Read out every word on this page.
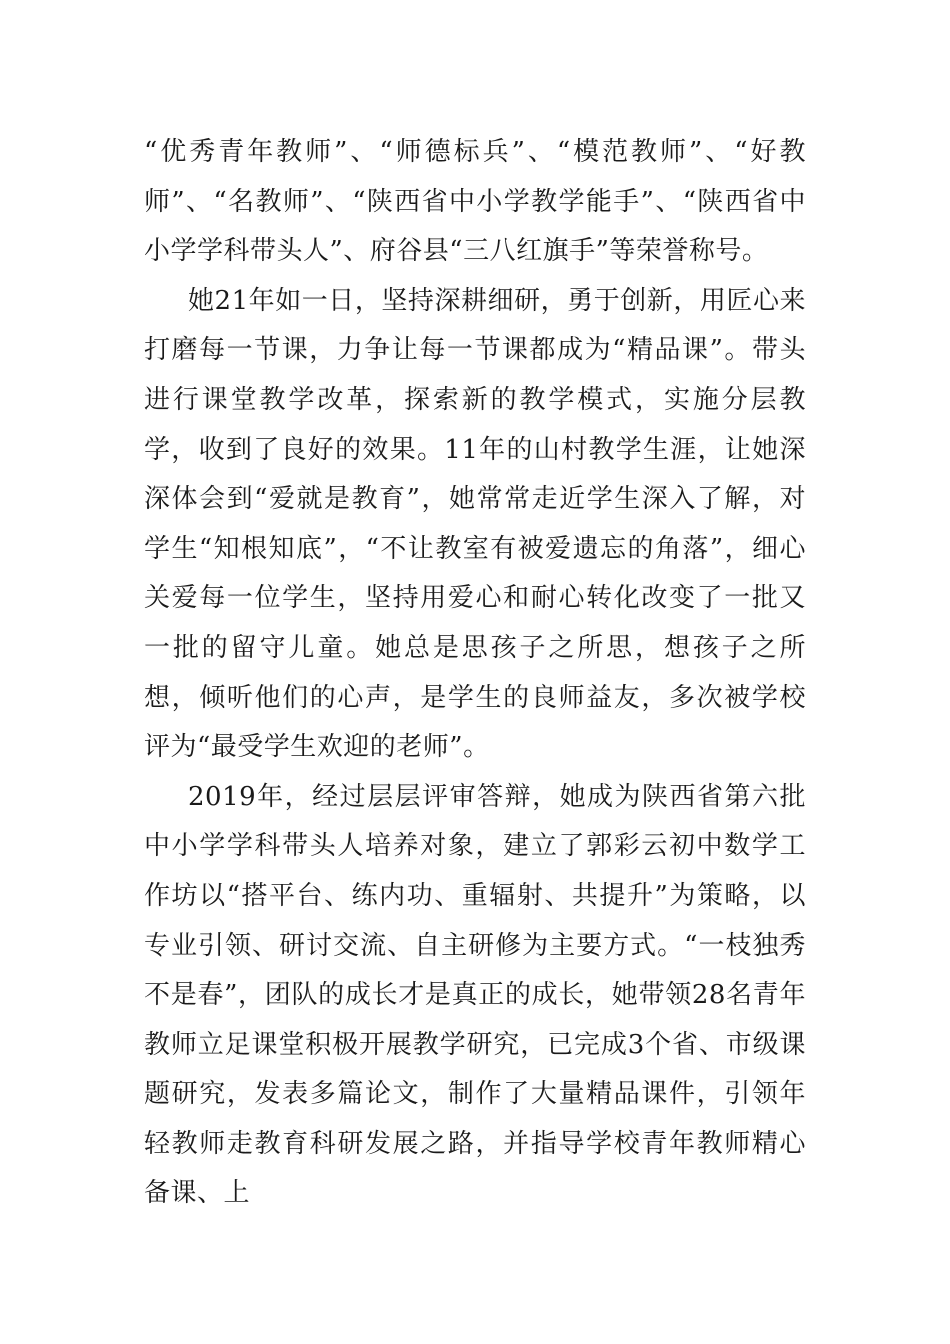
“优秀青年教师”、“师德标兵”、“模范教师”、“好教师”、“名教师”、“陕西省中小学教学能手”、“陕西省中小学学科带头人”、府谷县“三八红旗手”等荣誉称号。

她21年如一日，坚持深耕细研，勇于创新，用匠心来打磨每一节课，力争让每一节课都成为“精品课”。带头进行课堂教学改革，探索新的教学模式，实施分层教学，收到了良好的效果。11年的山村教学生涯，让她深深体会到“爱就是教育”，她常常走近学生深入了解，对学生“知根知底”，“不让教室有被爱遗忘的角落”，细心关爱每一位学生，坚持用爱心和耐心转化改变了一批又一批的留守儿童。她总是思孩子之所思，想孩子之所想，倾听他们的心声，是学生的良师益友，多次被学校评为“最受学生欢迎的老师”。

2019年，经过层层评审答辩，她成为陕西省第六批中小学学科带头人培养对象，建立了郭彩云初中数学工作坊以“搭平台、练内功、重辐射、共提升”为策略，以专业引领、研讨交流、自主研修为主要方式。“一枝独秀不是春”，团队的成长才是真正的成长，她带领28名青年教师立足课堂积极开展教学研究，已完成3个省、市级课题研究，发表多篇论文，制作了大量精品课件，引领年轻教师走教育科研发展之路，并指导学校青年教师精心备课、上
